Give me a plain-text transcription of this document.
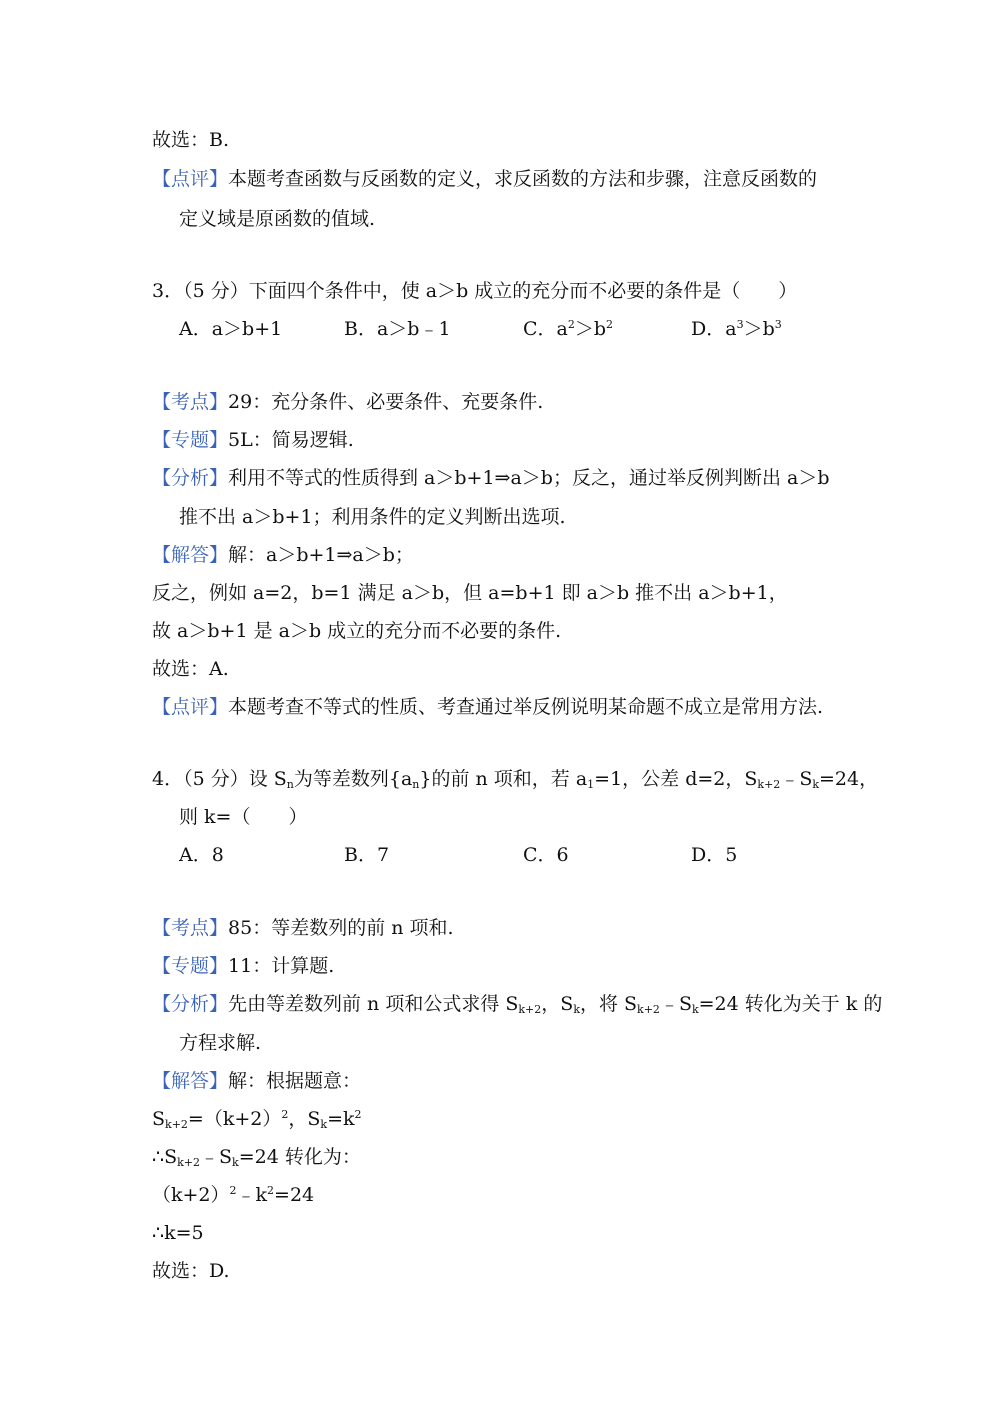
故选：B.
【点评】本题考查函数与反函数的定义，求反函数的方法和步骤，注意反函数的
定义域是原函数的值域.
3．（5 分）下面四个条件中，使 a＞b 成立的充分而不必要的条件是（　　）
A．a＞b+1	B．a＞b﹣1	C．$a^2>b^2$	D．$a^3>b^3$
【考点】29：充分条件、必要条件、充要条件.
【专题】5L：简易逻辑.
【分析】利用不等式的性质得到 a＞b+1⇒a＞b；反之，通过举反例判断出 a＞b
推不出 a＞b+1；利用条件的定义判断出选项.
【解答】解：a＞b+1⇒a＞b；
反之，例如 a=2，b=1 满足 a＞b，但 a=b+1 即 a＞b 推不出 a＞b+1，
故 a＞b+1 是 a＞b 成立的充分而不必要的条件.
故选：A.
【点评】本题考查不等式的性质、考查通过举反例说明某命题不成立是常用方法.
4．（5 分）设 $S_n$为等差数列$\{a_n\}$的前 n 项和，若 $a_1=1$，公差 d=2，$S_{k+2}﹣S_k=24$，
则 k=（　　）
A．8	B．7	C．6	D．5
【考点】85：等差数列的前 n 项和.
【专题】11：计算题.
【分析】先由等差数列前 n 项和公式求得 $S_{k+2}$，$S_k$，将 $S_{k+2}﹣S_k=24$ 转化为关于 k 的
方程求解.
【解答】解：根据题意：
$S_{k+2}=(k+2)^2$，$S_k=k^2$
$\therefore S_{k+2}﹣S_k=24$ 转化为：
$(k+2)^2﹣k^2=24$
∴k=5
故选：D.
